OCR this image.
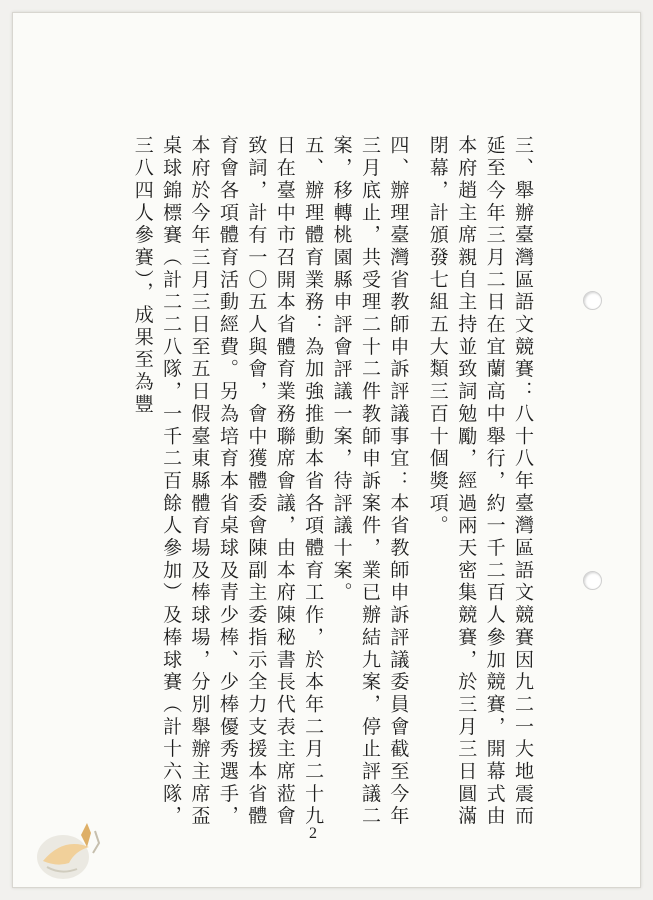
三、舉辦臺灣區語文競賽：八十八年臺灣區語文競賽因九二一大地震而延至今年三月二日在宜蘭高中舉行，約一千二百人參加競賽，開幕式由本府趙主席親自主持並致詞勉勵，經過兩天密集競賽，於三月三日圓滿閉幕，計頒發七組五大類三百十個獎項。

四、辦理臺灣省教師申訴評議事宜：本省教師申訴評議委員會截至今年三月底止，共受理二十二件教師申訴案件，業已辦結九案，停止評議二案，移轉桃園縣申評會評議一案，待評議十案。

五、辦理體育業務：為加強推動本省各項體育工作，於本年二月二十九日在臺中市召開本省體育業務聯席會議，由本府陳秘書長代表主席蒞會致詞，計有一〇五人與會，會中獲體委會陳副主委指示全力支援本省體育會各項體育活動經費。另為培育本省桌球及青少棒、少棒優秀選手，本府於今年三月三日至五日假臺東縣體育場及棒球場，分別舉辦主席盃桌球錦標賽（計二二八隊，一千二百餘人參加）及棒球賽（計十六隊，三八四人參賽），成果至為豐

2
